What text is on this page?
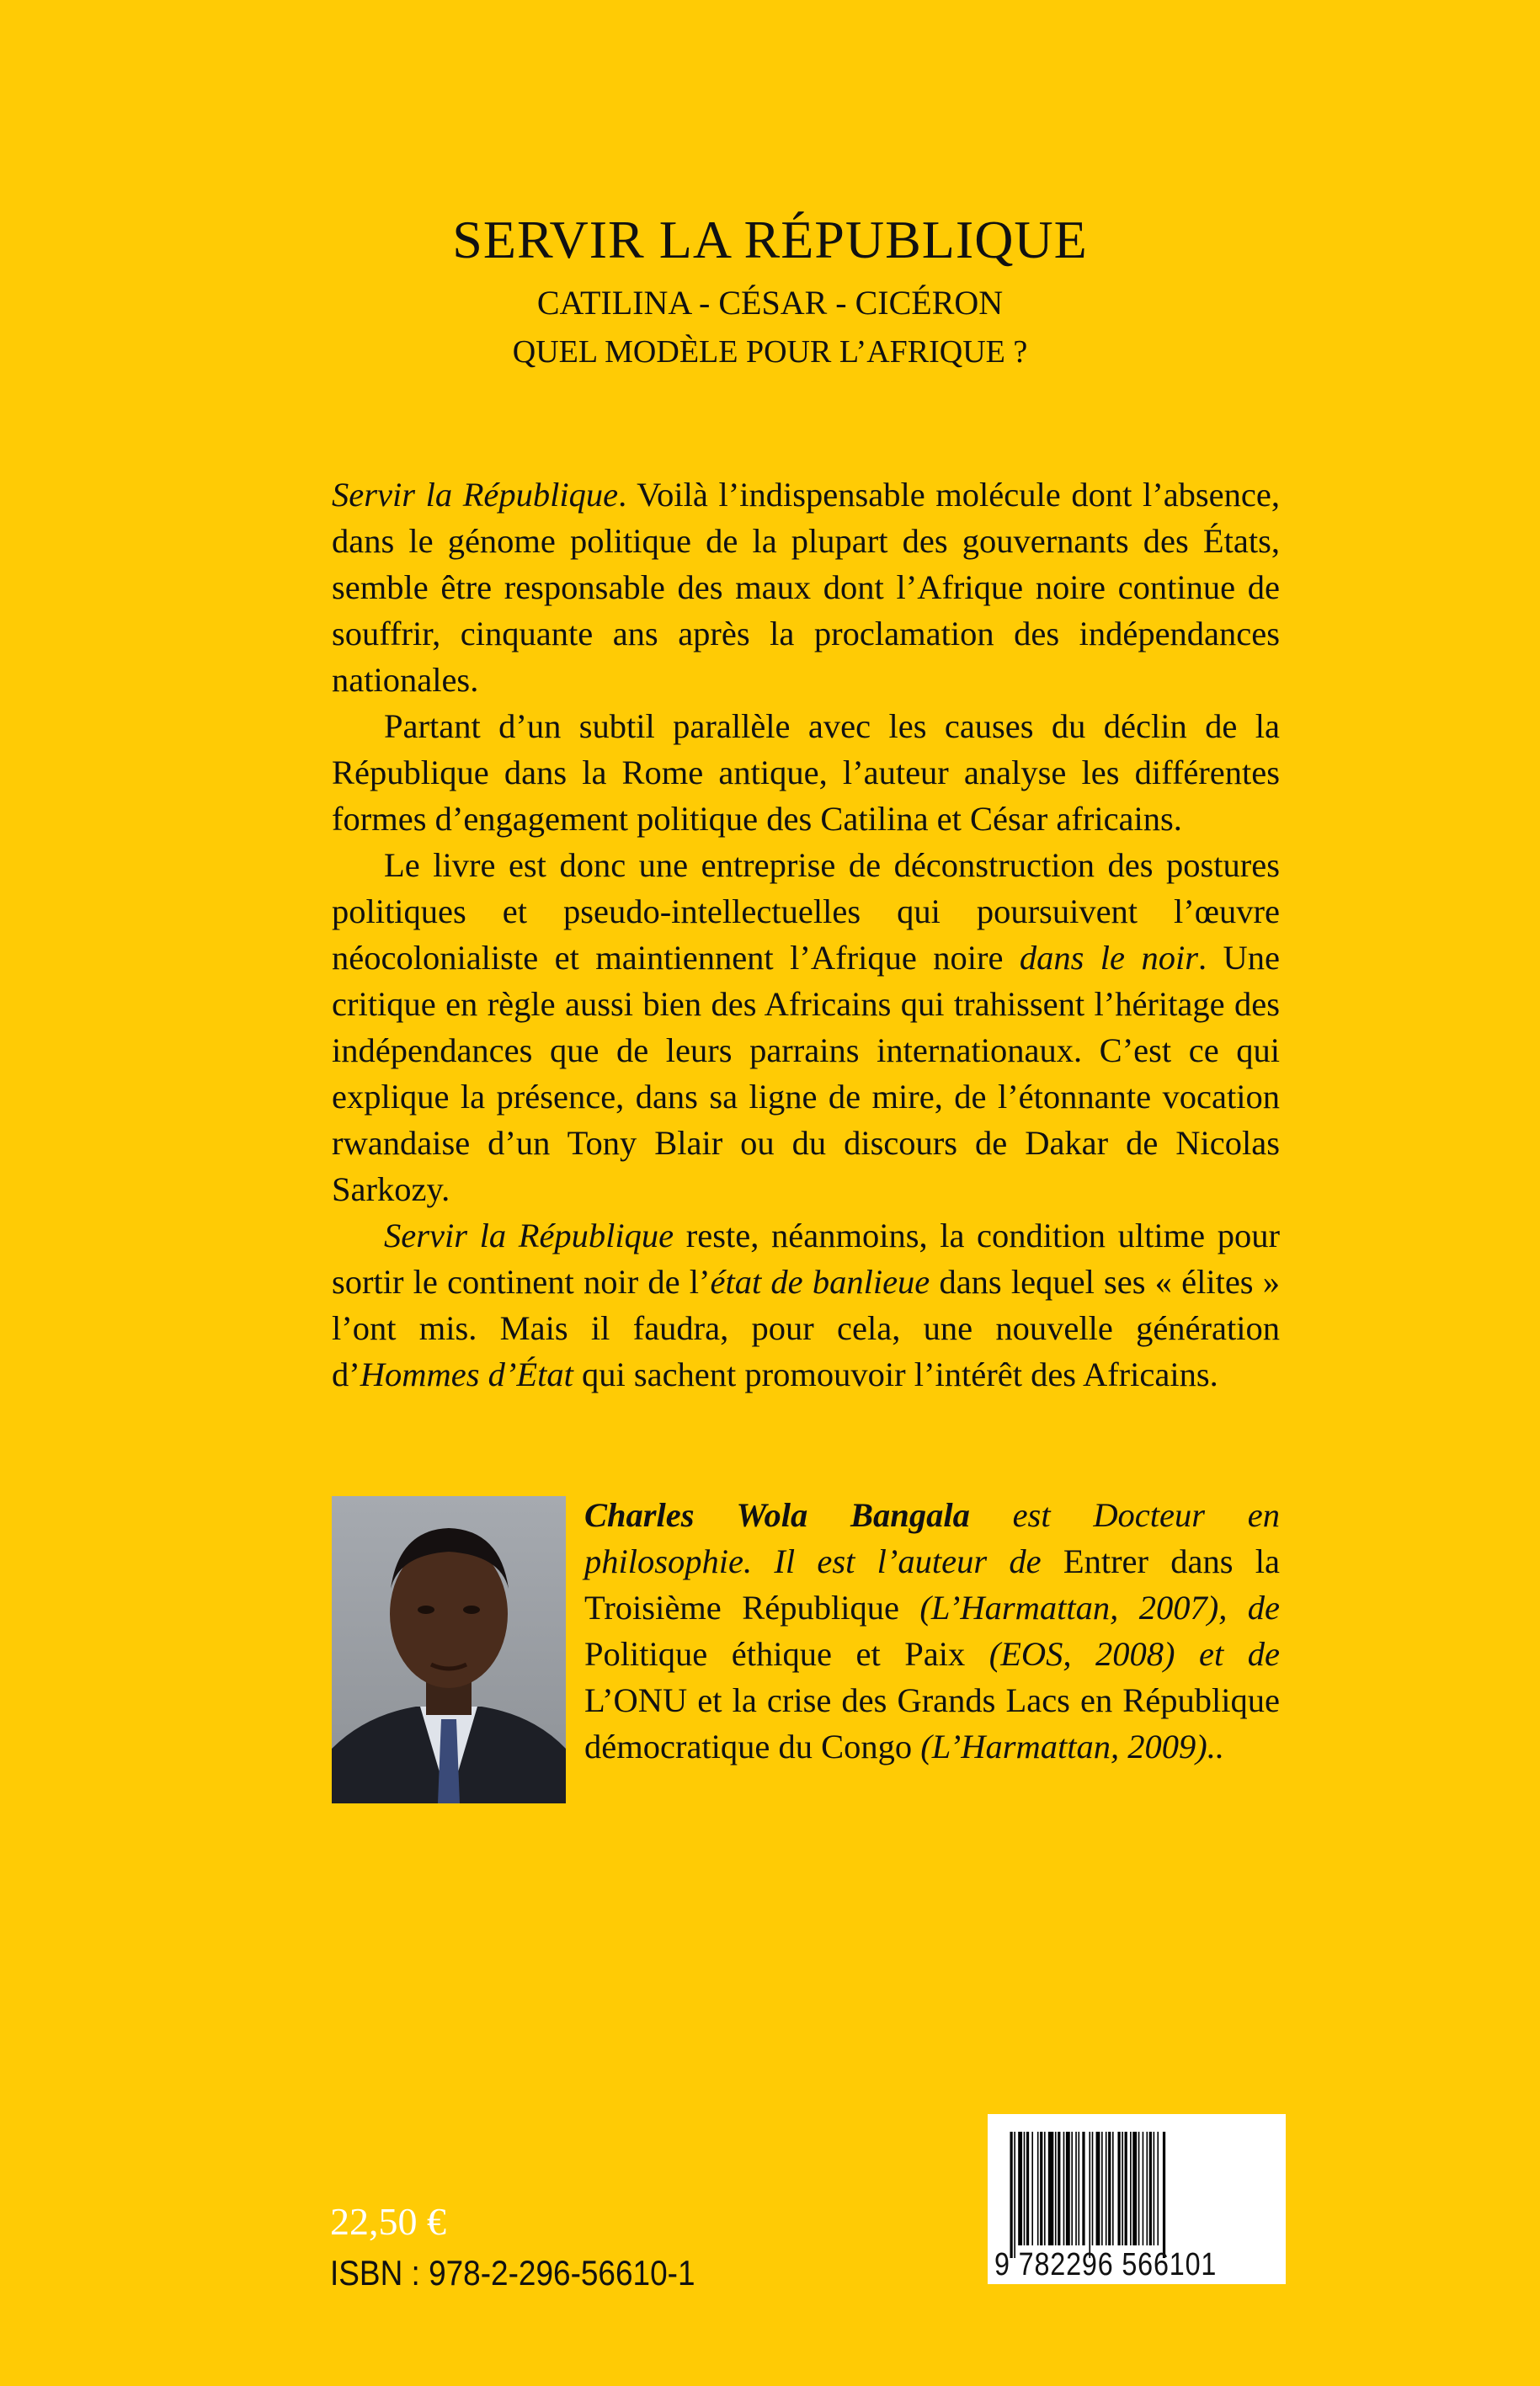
SERVIR LA RÉPUBLIQUE
CATILINA - CÉSAR - CICÉRON
QUEL MODÈLE POUR L’AFRIQUE ?

Servir la République. Voilà l’indispensable molécule dont l’absence, dans le génome politique de la plupart des gouvernants des États, semble être responsable des maux dont l’Afrique noire continue de souffrir, cinquante ans après la proclamation des indépendances nationales.

Partant d’un subtil parallèle avec les causes du déclin de la République dans la Rome antique, l’auteur analyse les différentes formes d’engagement politique des Catilina et César africains.

Le livre est donc une entreprise de déconstruction des postures politiques et pseudo-intellectuelles qui poursuivent l’œuvre néocolonialiste et maintiennent l’Afrique noire dans le noir. Une critique en règle aussi bien des Africains qui trahissent l’héritage des indépendances que de leurs parrains internationaux. C’est ce qui explique la présence, dans sa ligne de mire, de l’étonnante vocation rwandaise d’un Tony Blair ou du discours de Dakar de Nicolas Sarkozy.

Servir la République reste, néanmoins, la condition ultime pour sortir le continent noir de l’état de banlieue dans lequel ses « élites » l’ont mis. Mais il faudra, pour cela, une nouvelle génération d’Hommes d’État qui sachent promouvoir l’intérêt des Africains.

Charles Wola Bangala est Docteur en philosophie. Il est l’auteur de Entrer dans la Troisième République (L’Harmattan, 2007), de Politique éthique et Paix (EOS, 2008) et de L’ONU et la crise des Grands Lacs en République démocratique du Congo (L’Harmattan, 2009)..
22,50 €
ISBN : 978-2-296-56610-1	9 782296 566101
